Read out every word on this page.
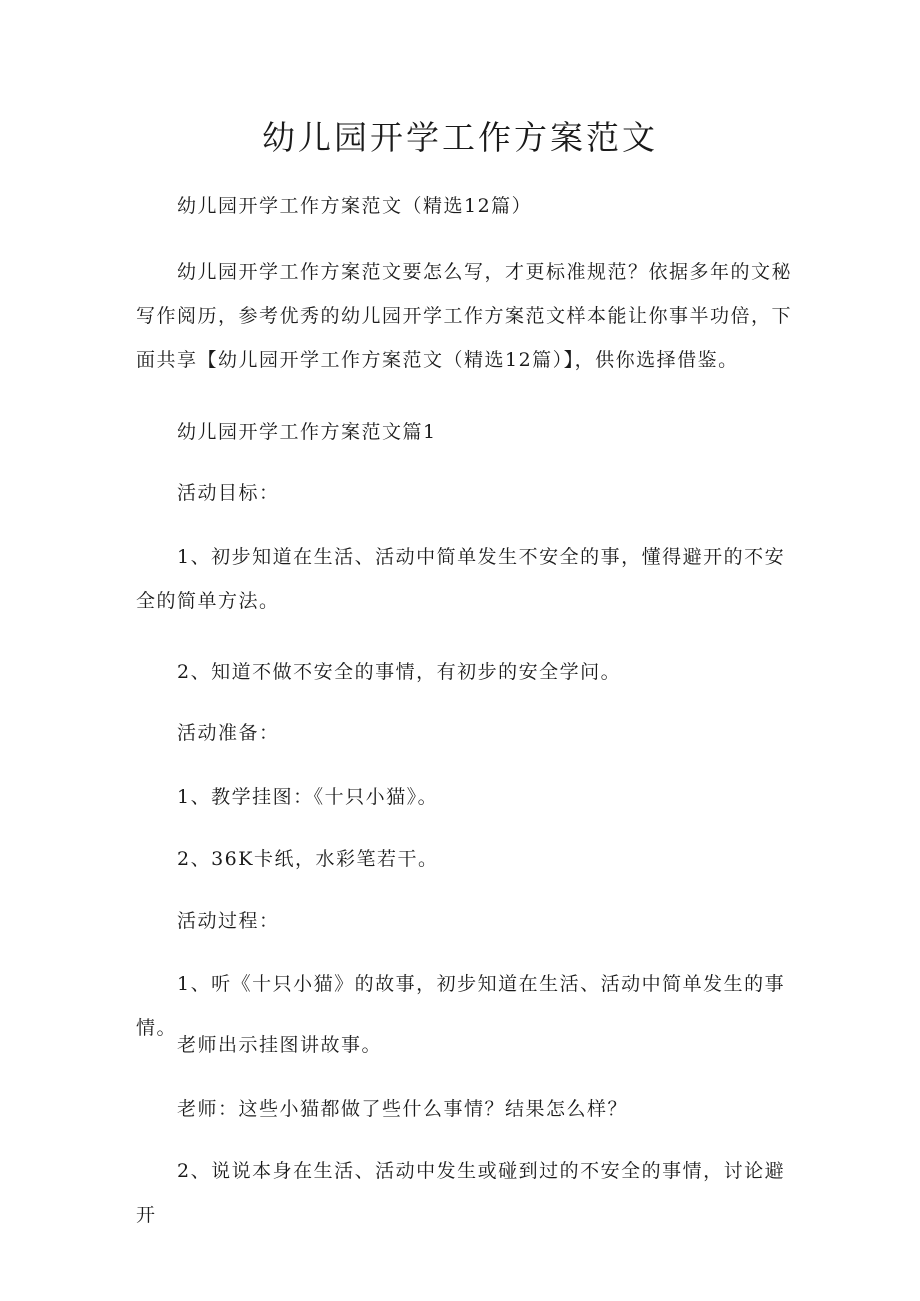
幼儿园开学工作方案范文

幼儿园开学工作方案范文（精选12篇）

幼儿园开学工作方案范文要怎么写，才更标准规范？依据多年的文秘写作阅历，参考优秀的幼儿园开学工作方案范文样本能让你事半功倍，下面共享【幼儿园开学工作方案范文（精选12篇）】，供你选择借鉴。

幼儿园开学工作方案范文篇1

活动目标：

1、初步知道在生活、活动中简单发生不安全的事，懂得避开的不安全的简单方法。

2、知道不做不安全的事情，有初步的安全学问。

活动准备：

1、教学挂图：《十只小猫》。

2、36K卡纸，水彩笔若干。

活动过程：

1、听《十只小猫》的故事，初步知道在生活、活动中简单发生的事情。

老师出示挂图讲故事。

老师：这些小猫都做了些什么事情？结果怎么样？

2、说说本身在生活、活动中发生或碰到过的不安全的事情，讨论避开
